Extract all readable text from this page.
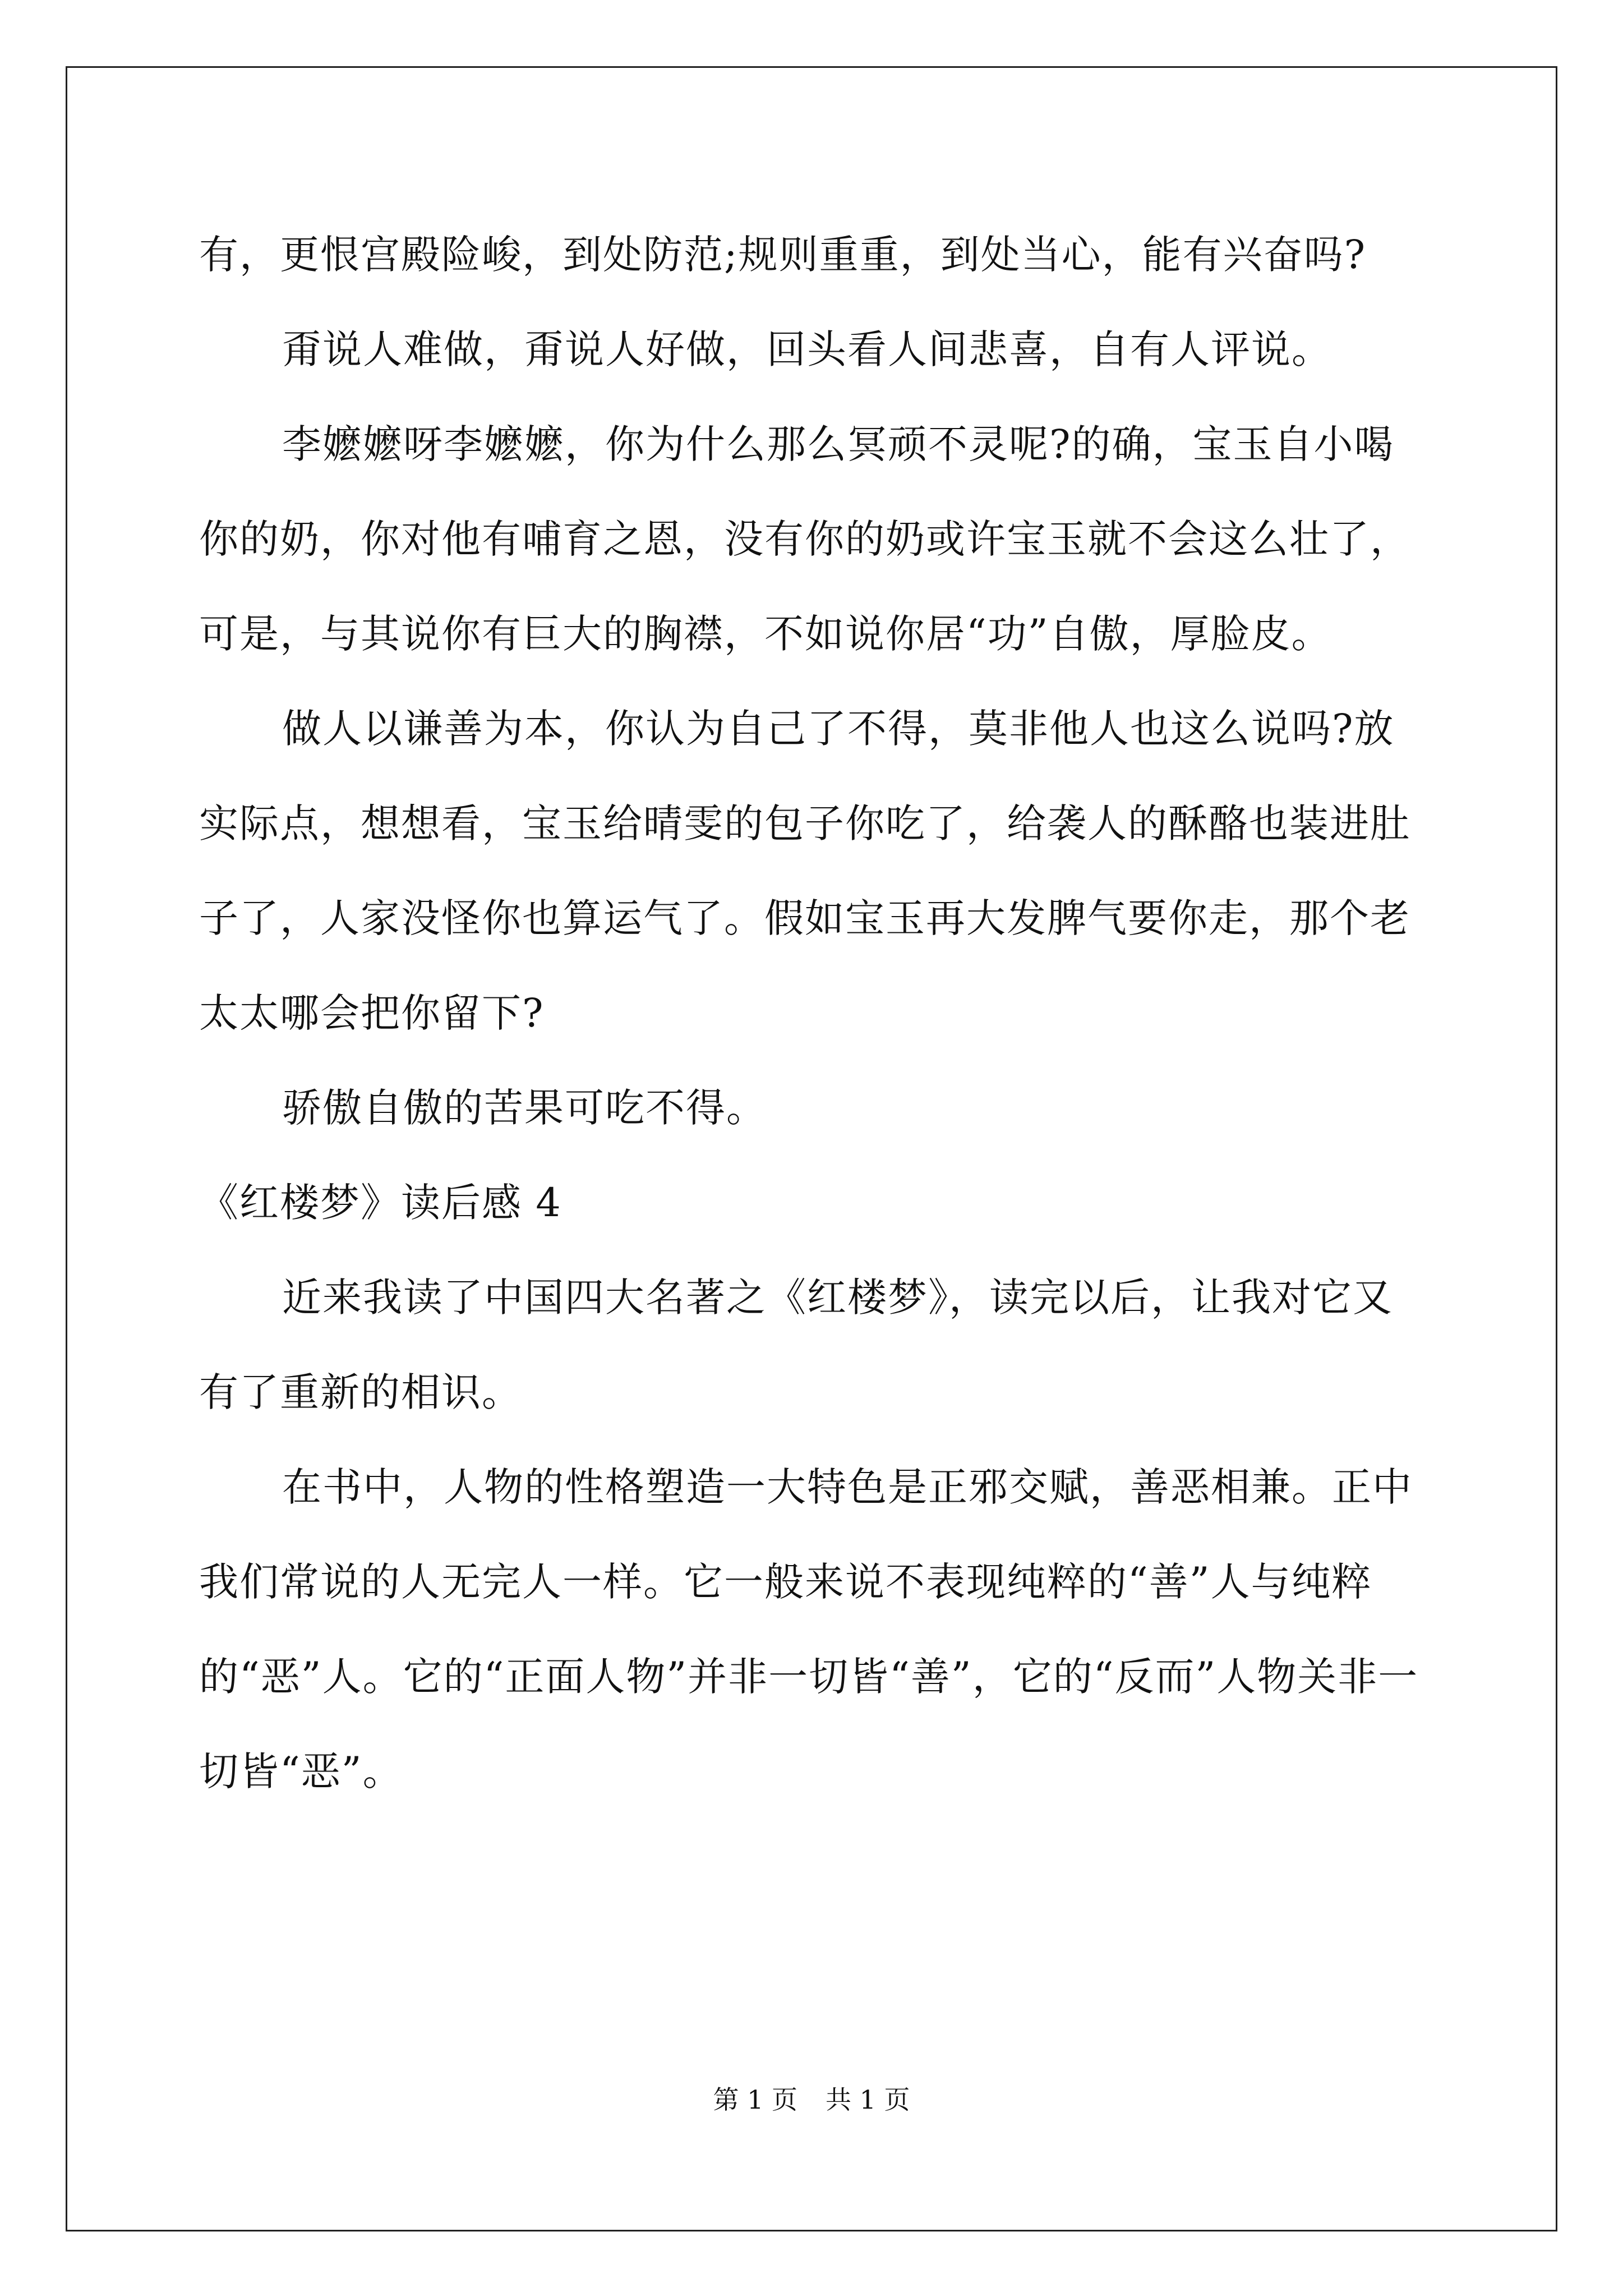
有，更恨宫殿险峻，到处防范;规则重重，到处当心，能有兴奋吗?

甭说人难做，甭说人好做，回头看人间悲喜，自有人评说。

李嬷嬷呀李嬷嬷，你为什么那么冥顽不灵呢?的确，宝玉自小喝你的奶，你对他有哺育之恩，没有你的奶或许宝玉就不会这么壮了，可是，与其说你有巨大的胸襟，不如说你居“功”自傲，厚脸皮。

做人以谦善为本，你认为自己了不得，莫非他人也这么说吗?放实际点，想想看，宝玉给晴雯的包子你吃了，给袭人的酥酪也装进肚子了，人家没怪你也算运气了。假如宝玉再大发脾气要你走，那个老太太哪会把你留下?

骄傲自傲的苦果可吃不得。

《红楼梦》读后感 4

近来我读了中国四大名著之《红楼梦》，读完以后，让我对它又有了重新的相识。

在书中，人物的性格塑造一大特色是正邪交赋，善恶相兼。正中我们常说的人无完人一样。它一般来说不表现纯粹的“善”人与纯粹的“恶”人。它的“正面人物”并非一切皆“善”，它的“反而”人物关非一切皆“恶”。

第 1 页 共 1 页
